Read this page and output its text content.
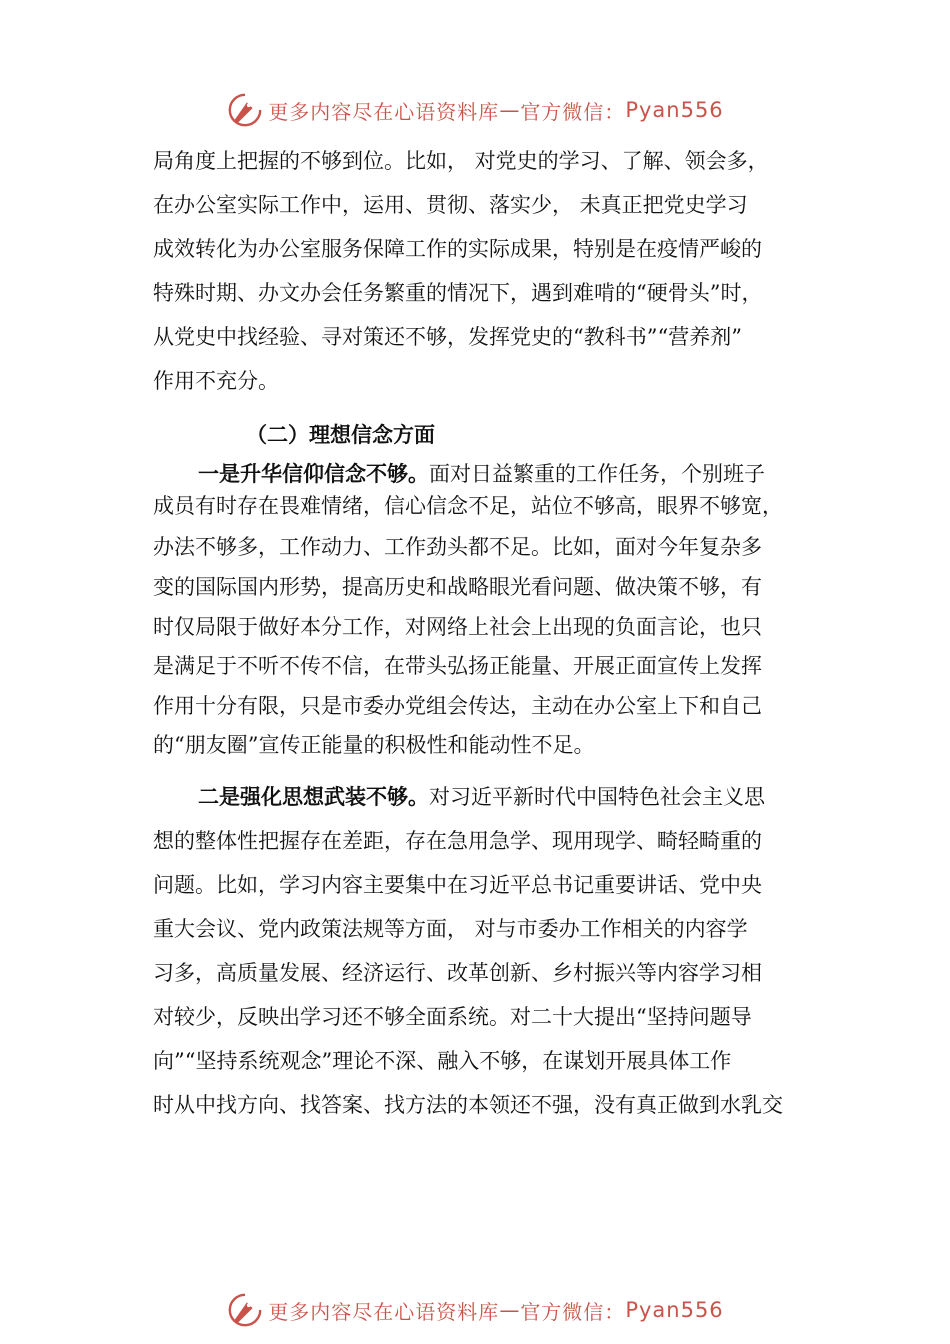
更多内容尽在心语资料库 — 官方微信： Pyan556
局角度上把握的不够到位。比如， 对党史的学习、了解、领会多，
在办公室实际工作中，运用、贯彻、落实少， 未真正把党史学习
成效转化为办公室服务保障工作的实际成果，特别是在疫情严峻的
特殊时期、办文办会任务繁重的情况下，遇到难啃的“硬骨头”时，
从党史中找经验、寻对策还不够，发挥党史的“教科书”“营养剂”
作用不充分。
（二）理想信念方面
一是升华信仰信念不够。面对日益繁重的工作任务，个别班子
成员有时存在畏难情绪，信心信念不足，站位不够高，眼界不够宽，
办法不够多，工作动力、工作劲头都不足。比如，面对今年复杂多
变的国际国内形势，提高历史和战略眼光看问题、做决策不够，有
时仅局限于做好本分工作，对网络上社会上出现的负面言论，也只
是满足于不听不传不信，在带头弘扬正能量、开展正面宣传上发挥
作用十分有限，只是市委办党组会传达，主动在办公室上下和自己
的“朋友圈”宣传正能量的积极性和能动性不足。
二是强化思想武装不够。对习近平新时代中国特色社会主义思
想的整体性把握存在差距，存在急用急学、现用现学、畸轻畸重的
问题。比如，学习内容主要集中在习近平总书记重要讲话、党中央
重大会议、党内政策法规等方面， 对与市委办工作相关的内容学
习多，高质量发展、经济运行、改革创新、乡村振兴等内容学习相
对较少，反映出学习还不够全面系统。对二十大提出“坚持问题导
向”“坚持系统观念”理论不深、融入不够，在谋划开展具体工作
时从中找方向、找答案、找方法的本领还不强，没有真正做到水乳交
更多内容尽在心语资料库 — 官方微信： Pyan556
